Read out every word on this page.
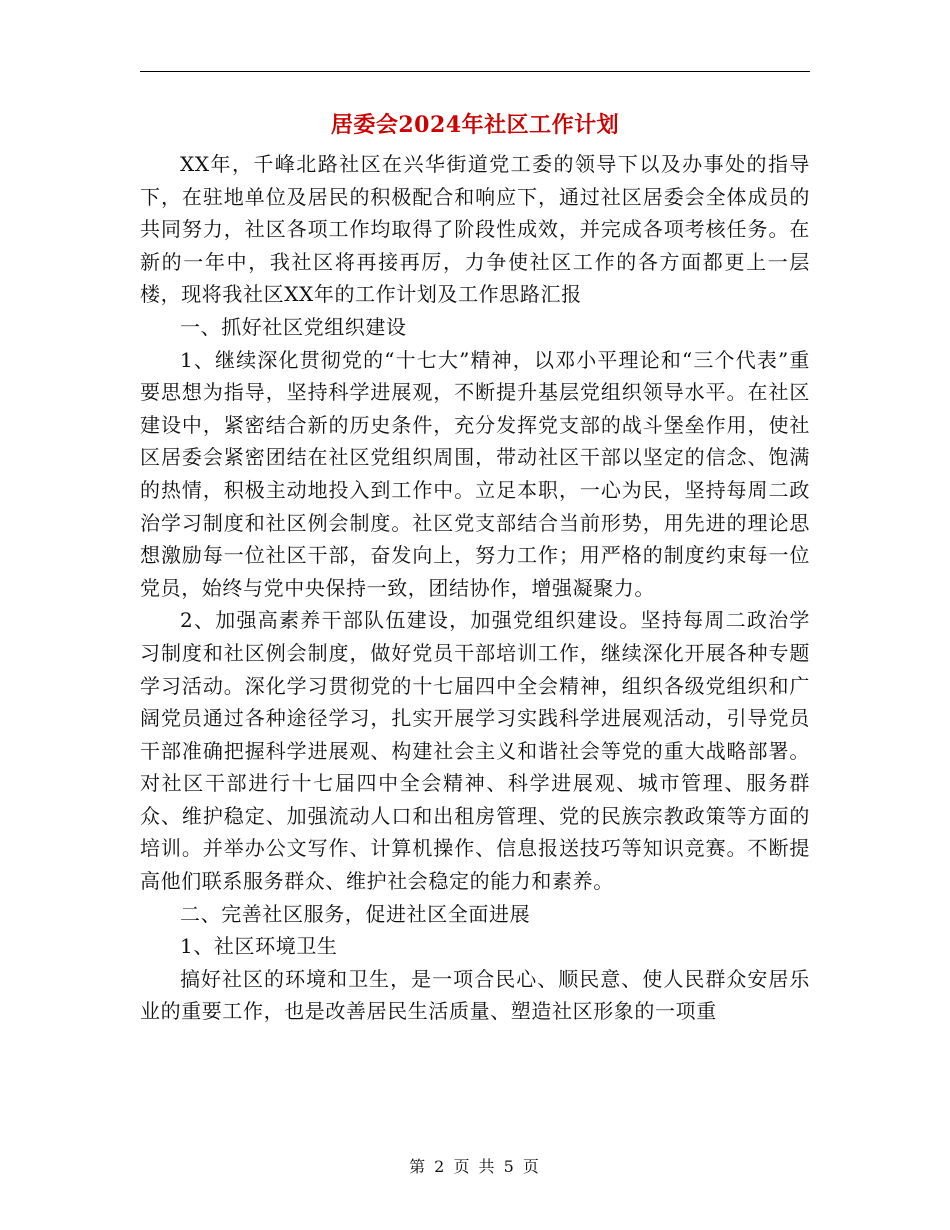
居委会2024年社区工作计划

XX年，千峰北路社区在兴华街道党工委的领导下以及办事处的指导下，在驻地单位及居民的积极配合和响应下，通过社区居委会全体成员的共同努力，社区各项工作均取得了阶段性成效，并完成各项考核任务。在新的一年中，我社区将再接再厉，力争使社区工作的各方面都更上一层楼，现将我社区XX年的工作计划及工作思路汇报

一、抓好社区党组织建设

1、继续深化贯彻党的“十七大”精神，以邓小平理论和“三个代表”重要思想为指导，坚持科学进展观，不断提升基层党组织领导水平。在社区建设中，紧密结合新的历史条件，充分发挥党支部的战斗堡垒作用，使社区居委会紧密团结在社区党组织周围，带动社区干部以坚定的信念、饱满的热情，积极主动地投入到工作中。立足本职，一心为民，坚持每周二政治学习制度和社区例会制度。社区党支部结合当前形势，用先进的理论思想激励每一位社区干部，奋发向上，努力工作；用严格的制度约束每一位党员，始终与党中央保持一致，团结协作，增强凝聚力。

2、加强高素养干部队伍建设，加强党组织建设。坚持每周二政治学习制度和社区例会制度，做好党员干部培训工作，继续深化开展各种专题学习活动。深化学习贯彻党的十七届四中全会精神，组织各级党组织和广阔党员通过各种途径学习，扎实开展学习实践科学进展观活动，引导党员干部准确把握科学进展观、构建社会主义和谐社会等党的重大战略部署。对社区干部进行十七届四中全会精神、科学进展观、城市管理、服务群众、维护稳定、加强流动人口和出租房管理、党的民族宗教政策等方面的培训。并举办公文写作、计算机操作、信息报送技巧等知识竞赛。不断提高他们联系服务群众、维护社会稳定的能力和素养。

二、完善社区服务，促进社区全面进展

1、社区环境卫生

搞好社区的环境和卫生，是一项合民心、顺民意、使人民群众安居乐业的重要工作，也是改善居民生活质量、塑造社区形象的一项重

第 2 页 共 5 页
